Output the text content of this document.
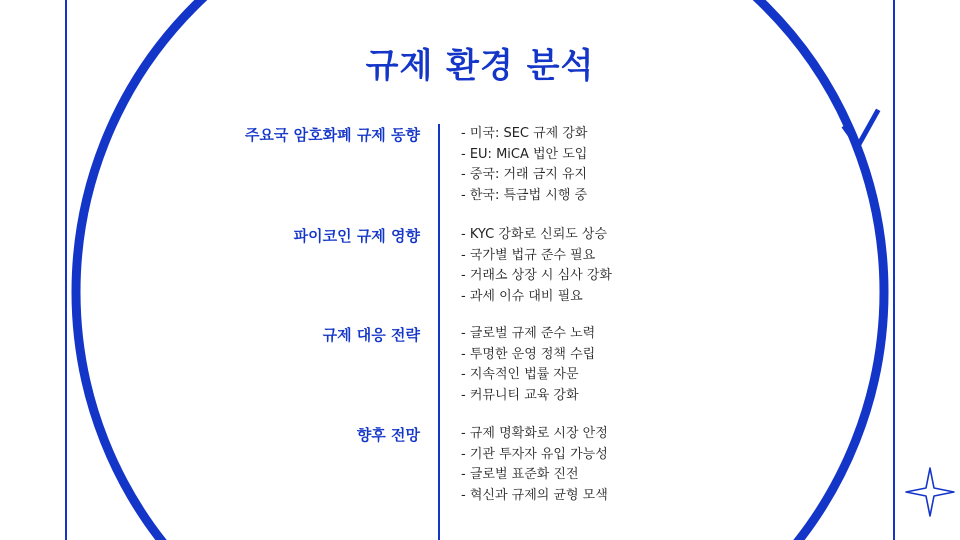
규제 환경 분석
주요국 암호화폐 규제 동향	- 미국: SEC 규제 강화
- EU: MiCA 법안 도입
- 중국: 거래 금지 유지
- 한국: 특금법 시행 중
파이코인 규제 영향	- KYC 강화로 신뢰도 상승
- 국가별 법규 준수 필요
- 거래소 상장 시 심사 강화
- 과세 이슈 대비 필요
규제 대응 전략	- 글로벌 규제 준수 노력
- 투명한 운영 정책 수립
- 지속적인 법률 자문
- 커뮤니티 교육 강화
향후 전망	- 규제 명확화로 시장 안정
- 기관 투자자 유입 가능성
- 글로벌 표준화 진전
- 혁신과 규제의 균형 모색
